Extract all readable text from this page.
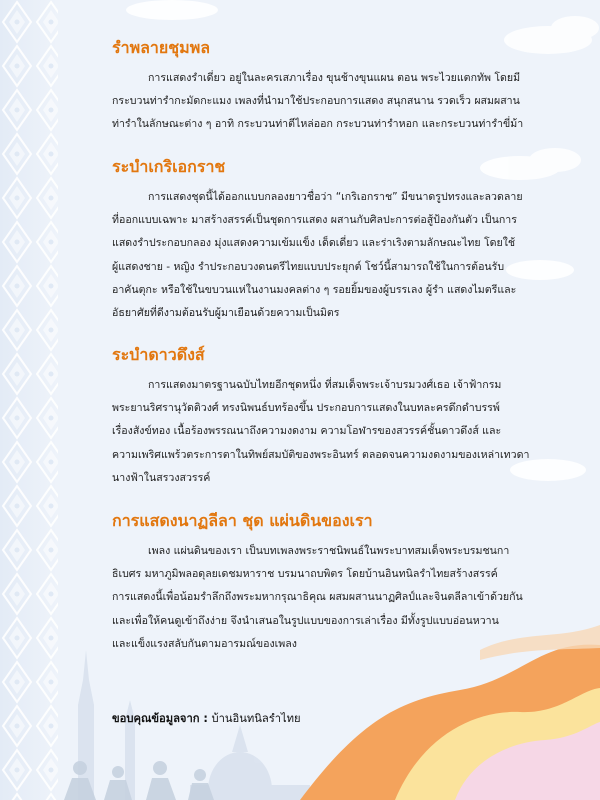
รำพลายชุมพล
การแสดงรำเดี่ยว อยู่ในละครเสภาเรื่อง ขุนช้างขุนแผน ตอน พระไวยแตกทัพ โดยมี
กระบวนท่ารำกะมัดกะแมง เพลงที่นำมาใช้ประกอบการแสดง สนุกสนาน รวดเร็ว ผสมผสาน
ท่ารำในลักษณะต่าง ๆ อาทิ กระบวนท่าตีไหล่ออก กระบวนท่ารำหอก และกระบวนท่ารำขี่ม้า
ระบำเกริเอกราช
การแสดงชุดนี้ได้ออกแบบกลองยาวชื่อว่า “เกริเอกราช” มีขนาดรูปทรงและลวดลาย
ที่ออกแบบเฉพาะ มาสร้างสรรค์เป็นชุดการแสดง ผสานกับศิลปะการต่อสู้ป้องกันตัว เป็นการ
แสดงรำประกอบกลอง มุ่งแสดงความเข้มแข็ง เด็ดเดี่ยว และร่าเริงตามลักษณะไทย โดยใช้
ผู้แสดงชาย - หญิง รำประกอบวงดนตรีไทยแบบประยุกต์ โชว์นี้สามารถใช้ในการต้อนรับ
อาคันตุกะ หรือใช้ในขบวนแห่ในงานมงคลต่าง ๆ รอยยิ้มของผู้บรรเลง ผู้รำ แสดงไมตรีและ
อัธยาศัยที่ดีงามต้อนรับผู้มาเยือนด้วยความเป็นมิตร
ระบำดาวดึงส์
การแสดงมาตรฐานฉบับไทยอีกชุดหนึ่ง ที่สมเด็จพระเจ้าบรมวงศ์เธอ เจ้าฟ้ากรม
พระยานริศรานุวัดติวงศ์ ทรงนิพนธ์บทร้องขึ้น ประกอบการแสดงในบทละครดึกดำบรรพ์
เรื่องสังข์ทอง เนื้อร้องพรรณนาถึงความงดงาม ความโอฬารของสวรรค์ชั้นดาวดึงส์ และ
ความเพริศแพร้วตระการตาในทิพย์สมบัติของพระอินทร์ ตลอดจนความงดงามของเหล่าเทวดา
นางฟ้าในสรวงสวรรค์
การแสดงนาฏลีลา ชุด แผ่นดินของเรา
เพลง แผ่นดินของเรา เป็นบทเพลงพระราชนิพนธ์ในพระบาทสมเด็จพระบรมชนกา
ธิเบศร มหาภูมิพลอดุลยเดชมหาราช บรมนาถบพิตร โดยบ้านอินทนิลรำไทยสร้างสรรค์
การแสดงนี้เพื่อน้อมรำลึกถึงพระมหากรุณาธิคุณ ผสมผสานนาฏศิลป์และจินตลีลาเข้าด้วยกัน
และเพื่อให้คนดูเข้าถึงง่าย จึงนำเสนอในรูปแบบของการเล่าเรื่อง มีทั้งรูปแบบอ่อนหวาน
และแข็งแรงสลับกันตามอารมณ์ของเพลง
ขอบคุณข้อมูลจาก : บ้านอินทนิลรำไทย
